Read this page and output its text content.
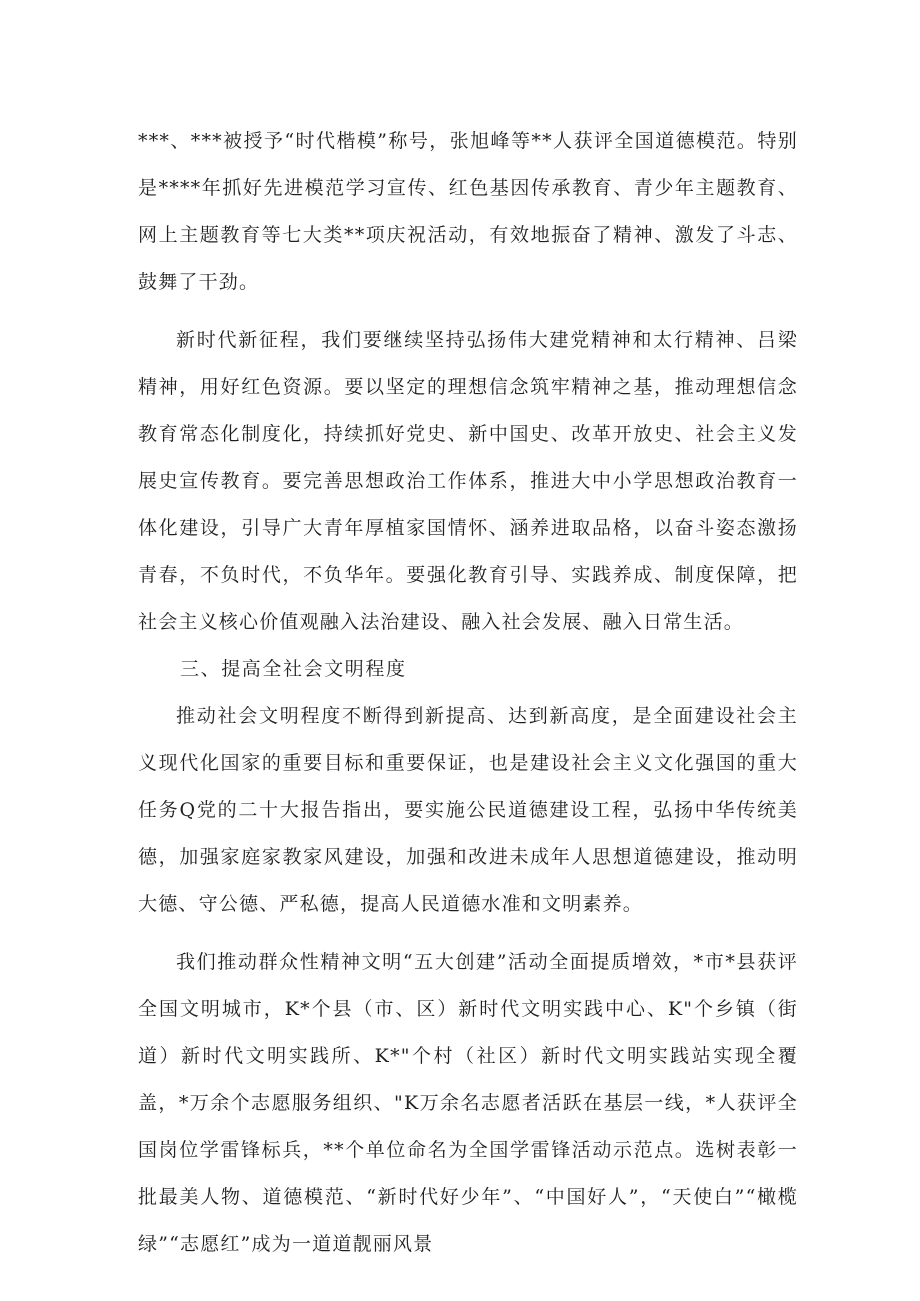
***、***被授予“时代楷模”称号，张旭峰等**人获评全国道德模范。特别是****年抓好先进模范学习宣传、红色基因传承教育、青少年主题教育、网上主题教育等七大类**项庆祝活动，有效地振奋了精神、激发了斗志、鼓舞了干劲。

新时代新征程，我们要继续坚持弘扬伟大建党精神和太行精神、吕梁精神，用好红色资源。要以坚定的理想信念筑牢精神之基，推动理想信念教育常态化制度化，持续抓好党史、新中国史、改革开放史、社会主义发展史宣传教育。要完善思想政治工作体系，推进大中小学思想政治教育一体化建设，引导广大青年厚植家国情怀、涵养进取品格，以奋斗姿态激扬青春，不负时代，不负华年。要强化教育引导、实践养成、制度保障，把社会主义核心价值观融入法治建设、融入社会发展、融入日常生活。

三、提高全社会文明程度

推动社会文明程度不断得到新提高、达到新高度，是全面建设社会主义现代化国家的重要目标和重要保证，也是建设社会主义文化强国的重大任务Q党的二十大报告指出，要实施公民道德建设工程，弘扬中华传统美德，加强家庭家教家风建设，加强和改进未成年人思想道德建设，推动明大德、守公德、严私德，提高人民道德水准和文明素养。

我们推动群众性精神文明“五大创建”活动全面提质增效，*市*县获评全国文明城市，K*个县（市、区）新时代文明实践中心、K"个乡镇（街道）新时代文明实践所、K*"个村（社区）新时代文明实践站实现全覆盖，*万余个志愿服务组织、"K万余名志愿者活跃在基层一线，*人获评全国岗位学雷锋标兵，**个单位命名为全国学雷锋活动示范点。选树表彰一批最美人物、道德模范、“新时代好少年”、“中国好人”，“天使白”“橄榄绿”“志愿红”成为一道道靓丽风景
